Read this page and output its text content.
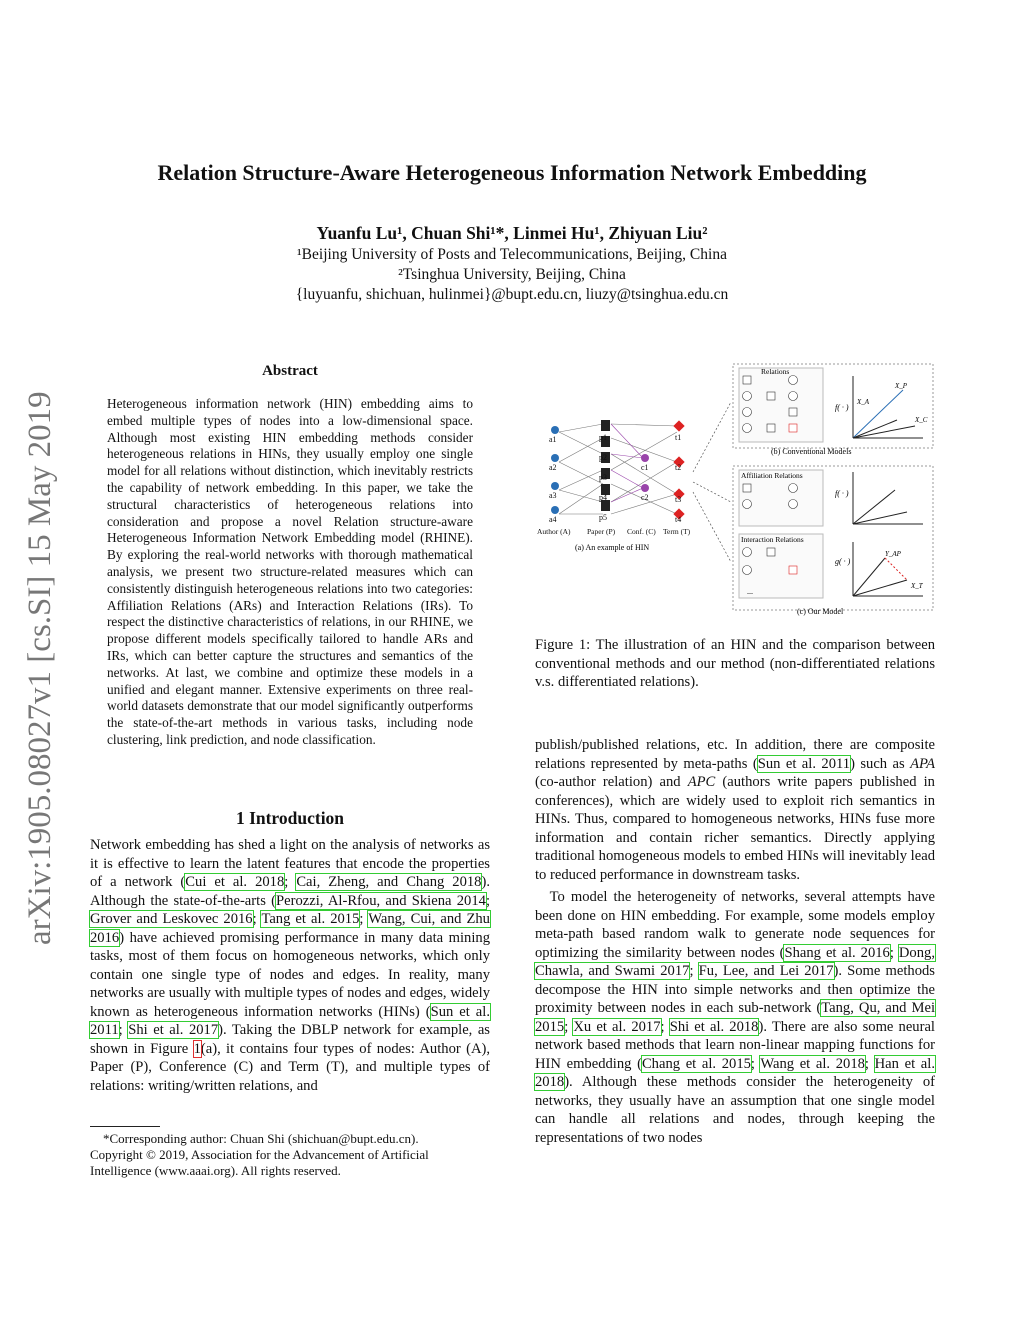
arXiv:1905.08027v1 [cs.SI] 15 May 2019
Relation Structure-Aware Heterogeneous Information Network Embedding
Yuanfu Lu¹, Chuan Shi¹*, Linmei Hu¹, Zhiyuan Liu²
¹Beijing University of Posts and Telecommunications, Beijing, China
²Tsinghua University, Beijing, China
{luyuanfu, shichuan, hulinmei}@bupt.edu.cn, liuzy@tsinghua.edu.cn
Abstract
Heterogeneous information network (HIN) embedding aims to embed multiple types of nodes into a low-dimensional space. Although most existing HIN embedding methods consider heterogeneous relations in HINs, they usually employ one single model for all relations without distinction, which inevitably restricts the capability of network embedding. In this paper, we take the structural characteristics of heterogeneous relations into consideration and propose a novel Relation structure-aware Heterogeneous Information Network Embedding model (RHINE). By exploring the real-world networks with thorough mathematical analysis, we present two structure-related measures which can consistently distinguish heterogeneous relations into two categories: Affiliation Relations (ARs) and Interaction Relations (IRs). To respect the distinctive characteristics of relations, in our RHINE, we propose different models specifically tailored to handle ARs and IRs, which can better capture the structures and semantics of the networks. At last, we combine and optimize these models in a unified and elegant manner. Extensive experiments on three real-world datasets demonstrate that our model significantly outperforms the state-of-the-art methods in various tasks, including node clustering, link prediction, and node classification.
1 Introduction

Network embedding has shed a light on the analysis of networks as it is effective to learn the latent features that encode the properties of a network (Cui et al. 2018; Cai, Zheng, and Chang 2018). Although the state-of-the-arts (Perozzi, Al-Rfou, and Skiena 2014; Grover and Leskovec 2016; Tang et al. 2015; Wang, Cui, and Zhu 2016) have achieved promising performance in many data mining tasks, most of them focus on homogeneous networks, which only contain one single type of nodes and edges. In reality, many networks are usually with multiple types of nodes and edges, widely known as heterogeneous information networks (HINs) (Sun et al. 2011; Shi et al. 2017). Taking the DBLP network for example, as shown in Figure 1(a), it contains four types of nodes: Author (A), Paper (P), Conference (C) and Term (T), and multiple types of relations: writing/written relations, and

*Corresponding author: Chuan Shi (shichuan@bupt.edu.cn).
Copyright © 2019, Association for the Advancement of Artificial Intelligence (www.aaai.org). All rights reserved.
a1
a2
a3
a4
p1
p2
p3
p4
p5
c1
c2
t1
t2
t3
t4
Author (A) Paper (P) Conf. (C) Term (T)
(a) An example of HIN
Relations
f( · )
X_P
X_A
X_C
(b) Conventional Models
Affiliation Relations
f( · )
Interaction Relations
...
g( · )
Y_AP
X_T
(c) Our Model
Figure 1: The illustration of an HIN and the comparison between conventional methods and our method (non-differentiated relations v.s. differentiated relations).

publish/published relations, etc. In addition, there are composite relations represented by meta-paths (Sun et al. 2011) such as APA (co-author relation) and APC (authors write papers published in conferences), which are widely used to exploit rich semantics in HINs. Thus, compared to homogeneous networks, HINs fuse more information and contain richer semantics. Directly applying traditional homogeneous models to embed HINs will inevitably lead to reduced performance in downstream tasks.

To model the heterogeneity of networks, several attempts have been done on HIN embedding. For example, some models employ meta-path based random walk to generate node sequences for optimizing the similarity between nodes (Shang et al. 2016; Dong, Chawla, and Swami 2017; Fu, Lee, and Lei 2017). Some methods decompose the HIN into simple networks and then optimize the proximity between nodes in each sub-network (Tang, Qu, and Mei 2015; Xu et al. 2017; Shi et al. 2018). There are also some neural network based methods that learn non-linear mapping functions for HIN embedding (Chang et al. 2015; Wang et al. 2018; Han et al. 2018). Although these methods consider the heterogeneity of networks, they usually have an assumption that one single model can handle all relations and nodes, through keeping the representations of two nodes
